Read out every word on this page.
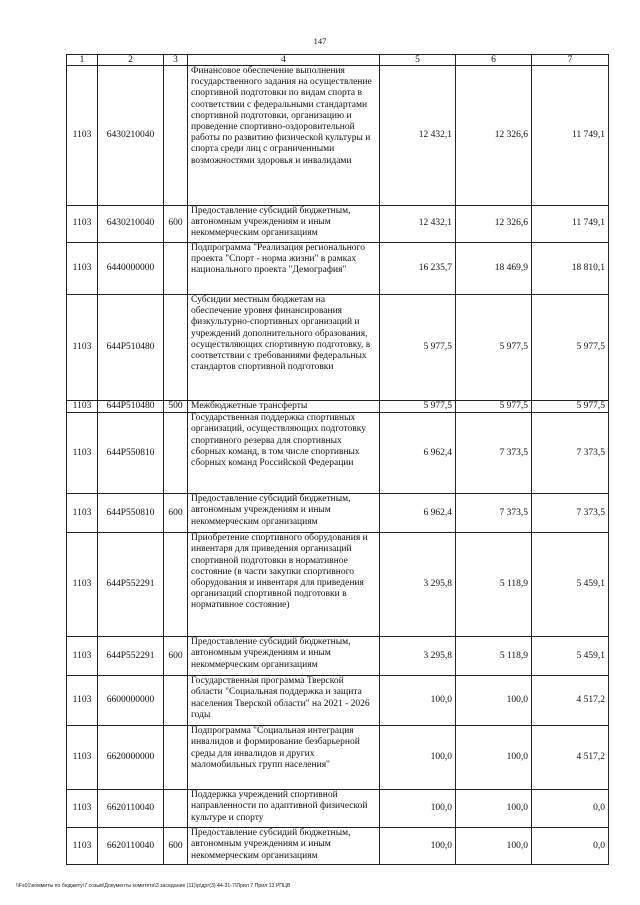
147
1	2	3	4	5	6	7
1103	6430210040		Финансовое обеспечение выполнения государственного задания на осуществление спортивной подготовки по видам спорта в соответствии с федеральными стандартами спортивной подготовки, организацию и проведение спортивно-оздоровительной работы по развитию физической культуры и спорта среди лиц с ограниченными возможностями здоровья и инвалидами	12 432,1	12 326,6	11 749,1
1103	6430210040	600	Предоставление субсидий бюджетным, автономным учреждениям и иным некоммерческим организациям	12 432,1	12 326,6	11 749,1
1103	6440000000		Подпрограмма "Реализация регионального проекта "Спорт - норма жизни" в рамках национального проекта "Демография"	16 235,7	18 469,9	18 810,1
1103	644P510480		Субсидии местным бюджетам на обеспечение уровня финансирования физкультурно-спортивных организаций и учреждений дополнительного образования, осуществляющих спортивную подготовку, в соответствии с требованиями федеральных стандартов спортивной подготовки	5 977,5	5 977,5	5 977,5
1103	644P510480	500	Межбюджетные трансферты	5 977,5	5 977,5	5 977,5
1103	644P550810		Государственная поддержка спортивных организаций, осуществляющих подготовку спортивного резерва для спортивных сборных команд, в том числе спортивных сборных команд Российской Федерации	6 962,4	7 373,5	7 373,5
1103	644P550810	600	Предоставление субсидий бюджетным, автономным учреждениям и иным некоммерческим организациям	6 962,4	7 373,5	7 373,5
1103	644P552291		Приобретение спортивного оборудования и инвентаря для приведения организаций спортивной подготовки в нормативное состояние (в части закупки спортивного оборудования и инвентаря для приведения организаций спортивной подготовки в нормативное состояние)	3 295,8	5 118,9	5 459,1
1103	644P552291	600	Предоставление субсидий бюджетным, автономным учреждениям и иным некоммерческим организациям	3 295,8	5 118,9	5 459,1
1103	6600000000		Государственная программа Тверской области "Социальная поддержка и защита населения Тверской области" на 2021 - 2026 годы	100,0	100,0	4 517,2
1103	6620000000		Подпрограмма "Социальная интеграция инвалидов и формирование безбарьерной среды для инвалидов и других маломобильных групп населения"	100,0	100,0	4 517,2
1103	6620110040		Поддержка учреждений спортивной направленности по адаптивной физической культуре и спорту	100,0	100,0	0,0
1103	6620110040	600	Предоставление субсидий бюджетным, автономным учреждениям и иным некоммерческим организациям	100,0	100,0	0,0
\\Fs01\коммиты по бюджету\7 созыв\Документы комитета\3 заседание (11)\р\дрг(3) 44-31-7\Прил 7 Прил 13 РПЦВ
